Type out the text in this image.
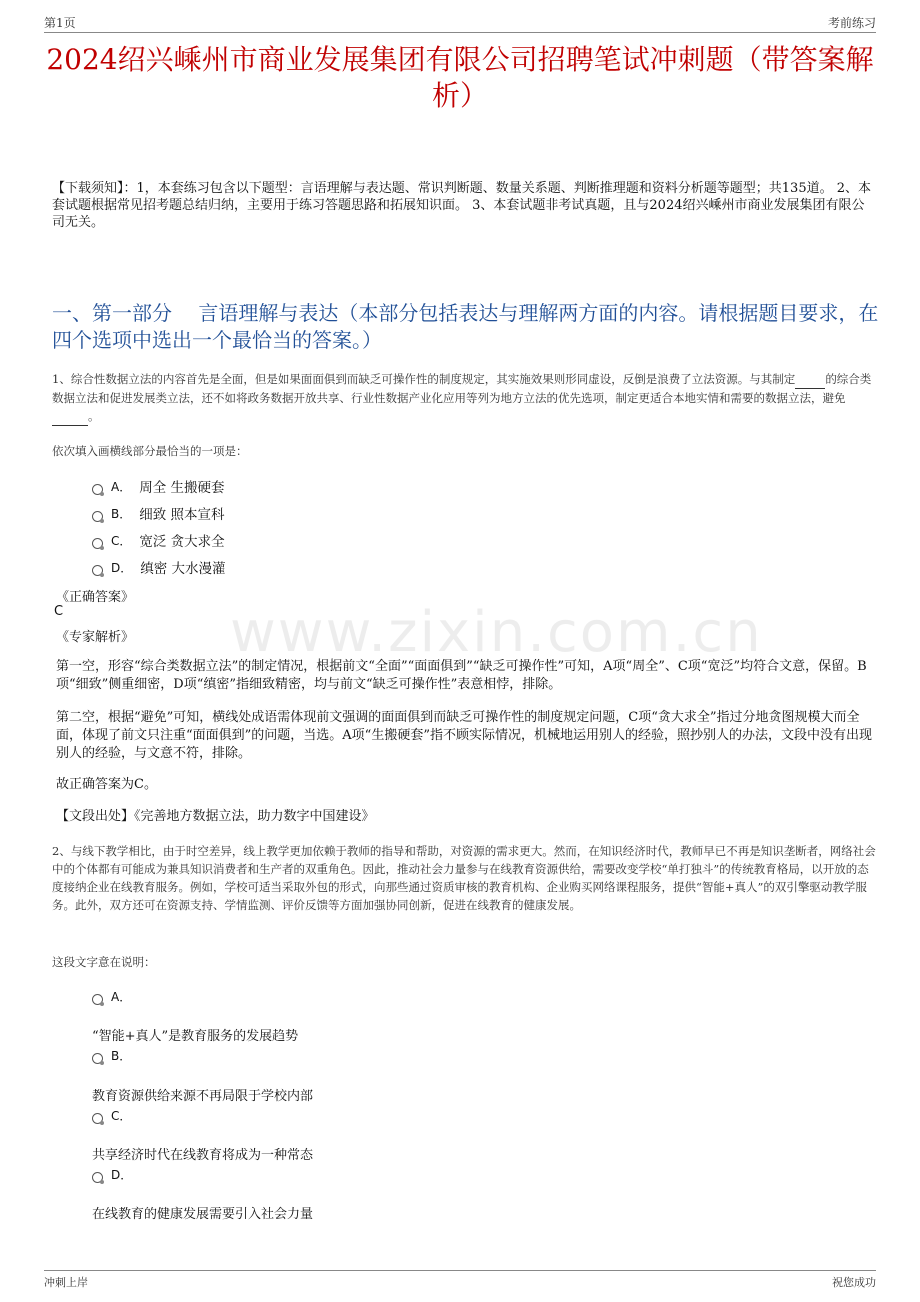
第1页	考前练习
2024绍兴嵊州市商业发展集团有限公司招聘笔试冲刺题（带答案解析）
【下载须知】：1，本套练习包含以下题型：言语理解与表达题、常识判断题、数量关系题、判断推理题和资料分析题等题型；共135道。 2、本套试题根据常见招考题总结归纳，主要用于练习答题思路和拓展知识面。 3、本套试题非考试真题，且与2024绍兴嵊州市商业发展集团有限公司无关。
一、第一部分　 言语理解与表达（本部分包括表达与理解两方面的内容。请根据题目要求，在四个选项中选出一个最恰当的答案。）
1、综合性数据立法的内容首先是全面，但是如果面面俱到而缺乏可操作性的制度规定，其实施效果则形同虚设，反倒是浪费了立法资源。与其制定	的综合类数据立法和促进发展类立法，还不如将政务数据开放共享、行业性数据产业化应用等列为地方立法的优先选项，制定更适合本地实情和需要的数据立法，避免 。
依次填入画横线部分最恰当的一项是：
A． 周全 生搬硬套
B． 细致 照本宣科
C． 宽泛 贪大求全
D． 缜密 大水漫灌
《正确答案》
C
《专家解析》 www.zixin.com.cn
第一空，形容“综合类数据立法”的制定情况，根据前文“全面”“面面俱到”“缺乏可操作性”可知，A项“周全”、C项“宽泛”均符合文意，保留。B项“细致”侧重细密，D项“缜密”指细致精密，均与前文“缺乏可操作性”表意相悖，排除。
第二空，根据“避免”可知，横线处成语需体现前文强调的面面俱到而缺乏可操作性的制度规定问题，C项“贪大求全”指过分地贪图规模大而全面，体现了前文只注重“面面俱到”的问题，当选。A项“生搬硬套”指不顾实际情况，机械地运用别人的经验，照抄别人的办法，文段中没有出现别人的经验，与文意不符，排除。
故正确答案为C。
【文段出处】《完善地方数据立法，助力数字中国建设》
2、与线下教学相比，由于时空差异，线上教学更加依赖于教师的指导和帮助，对资源的需求更大。然而，在知识经济时代，教师早已不再是知识垄断者，网络社会中的个体都有可能成为兼具知识消费者和生产者的双重角色。因此，推动社会力量参与在线教育资源供给，需要改变学校“单打独斗”的传统教育格局，以开放的态度接纳企业在线教育服务。例如，学校可适当采取外包的形式，向那些通过资质审核的教育机构、企业购买网络课程服务，提供“智能+真人”的双引擎驱动教学服务。此外，双方还可在资源支持、学情监测、评价反馈等方面加强协同创新，促进在线教育的健康发展。
这段文字意在说明：
A．
“智能+真人”是教育服务的发展趋势
B．
教育资源供给来源不再局限于学校内部
C．
共享经济时代在线教育将成为一种常态
D．
在线教育的健康发展需要引入社会力量
冲刺上岸	祝您成功
